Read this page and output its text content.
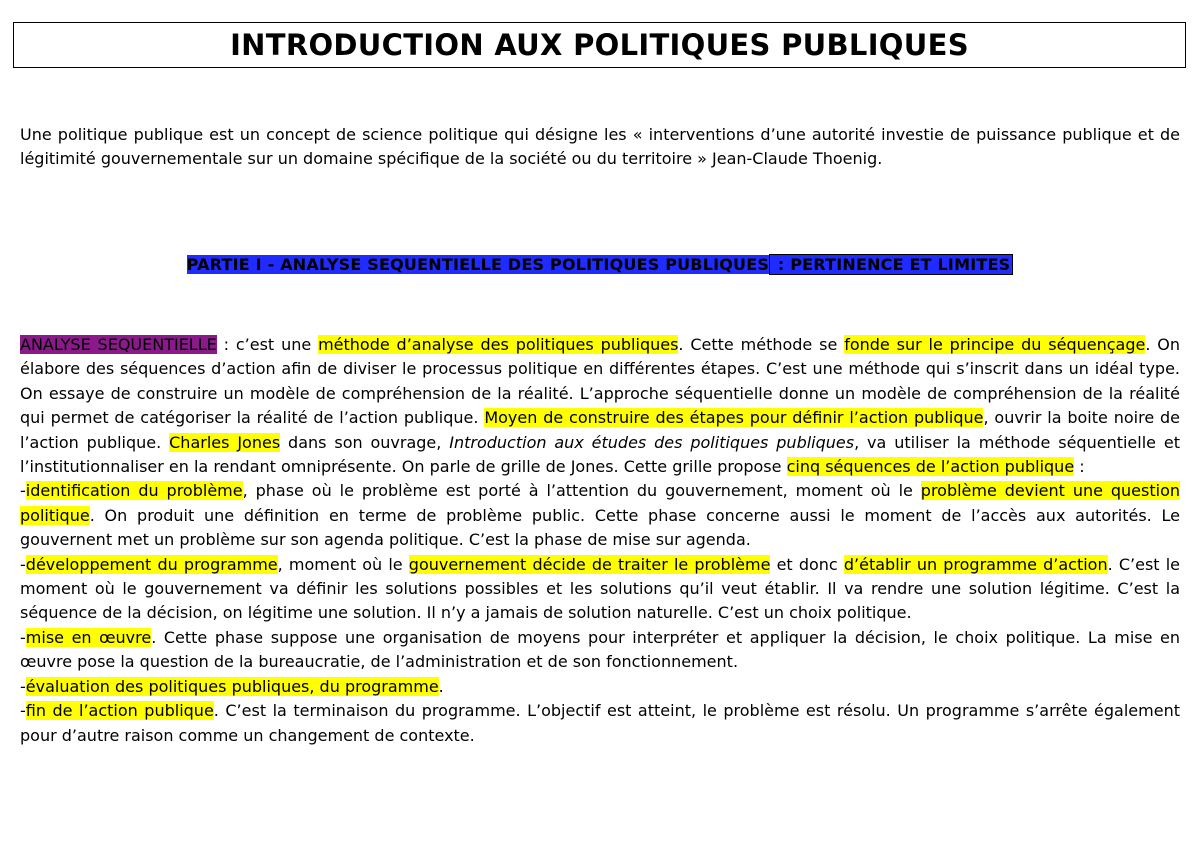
INTRODUCTION AUX POLITIQUES PUBLIQUES

Une politique publique est un concept de science politique qui désigne les « interventions d’une autorité investie de puissance publique et de légitimité gouvernementale sur un domaine spécifique de la société ou du territoire » Jean-Claude Thoenig.

PARTIE I - ANALYSE SEQUENTIELLE DES POLITIQUES PUBLIQUES : PERTINENCE ET LIMITES
ANALYSE SEQUENTIELLE : c’est une méthode d’analyse des politiques publiques. Cette méthode se fonde sur le principe du séquençage. On élabore des séquences d’action afin de diviser le processus politique en différentes étapes. C’est une méthode qui s’inscrit dans un idéal type. On essaye de construire un modèle de compréhension de la réalité. L’approche séquentielle donne un modèle de compréhension de la réalité qui permet de catégoriser la réalité de l’action publique. Moyen de construire des étapes pour définir l’action publique, ouvrir la boite noire de l’action publique. Charles Jones dans son ouvrage, Introduction aux études des politiques publiques, va utiliser la méthode séquentielle et l’institutionnaliser en la rendant omniprésente. On parle de grille de Jones. Cette grille propose cinq séquences de l’action publique :
-identification du problème, phase où le problème est porté à l’attention du gouvernement, moment où le problème devient une question politique. On produit une définition en terme de problème public. Cette phase concerne aussi le moment de l’accès aux autorités. Le gouvernent met un problème sur son agenda politique. C’est la phase de mise sur agenda.
-développement du programme, moment où le gouvernement décide de traiter le problème et donc d’établir un programme d’action. C’est le moment où le gouvernement va définir les solutions possibles et les solutions qu’il veut établir. Il va rendre une solution légitime. C’est la séquence de la décision, on légitime une solution. Il n’y a jamais de solution naturelle. C’est un choix politique.
-mise en œuvre. Cette phase suppose une organisation de moyens pour interpréter et appliquer la décision, le choix politique. La mise en œuvre pose la question de la bureaucratie, de l’administration et de son fonctionnement.
-évaluation des politiques publiques, du programme.
-fin de l’action publique. C’est la terminaison du programme. L’objectif est atteint, le problème est résolu. Un programme s’arrête également pour d’autre raison comme un changement de contexte.
